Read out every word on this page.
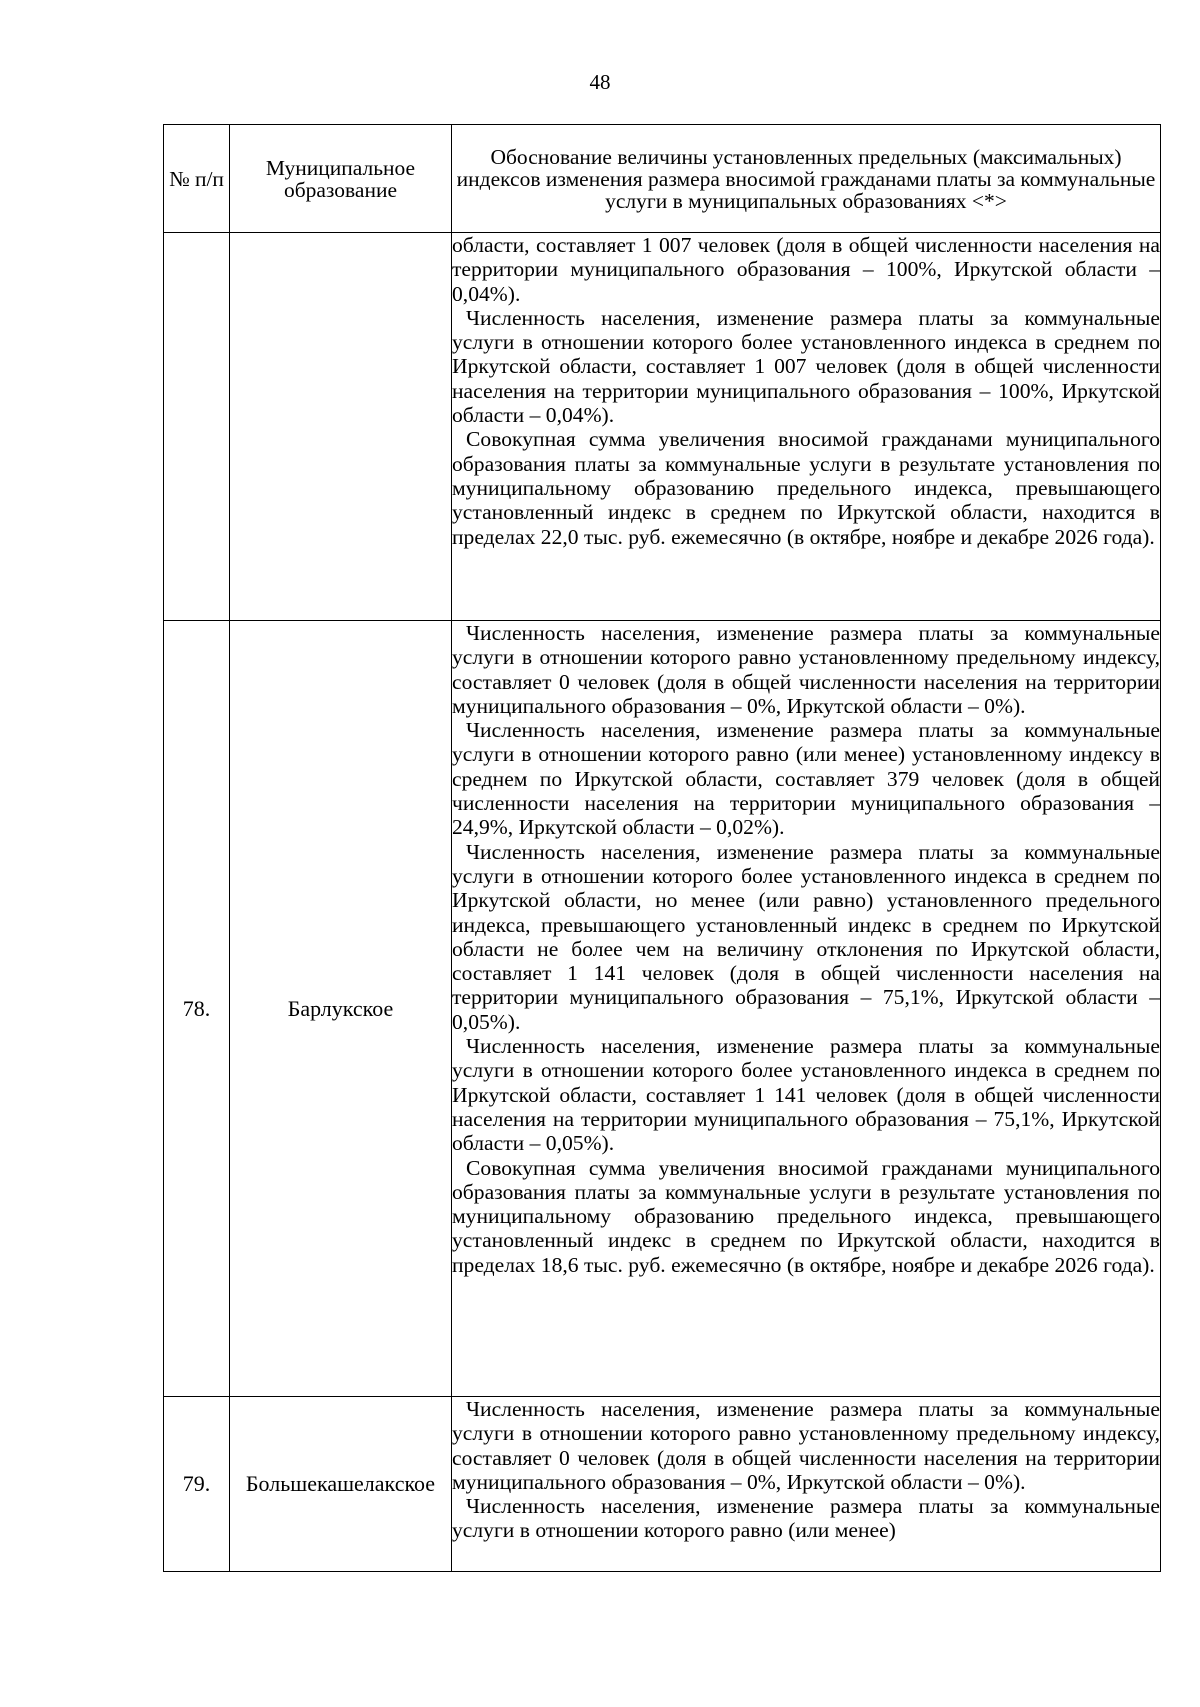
48
№ п/п	Муниципальное образование	Обоснование величины установленных предельных (максимальных) индексов изменения размера вносимой гражданами платы за коммунальные услуги в муниципальных образованиях <*>

		области, составляет 1 007 человек (доля в общей численности населения на территории муниципального образования – 100%, Иркутской области – 0,04%).

Численность населения, изменение размера платы за коммунальные услуги в отношении которого более установленного индекса в среднем по Иркутской области, составляет 1 007 человек (доля в общей численности населения на территории муниципального образования – 100%, Иркутской области – 0,04%).

Совокупная сумма увеличения вносимой гражданами муниципального образования платы за коммунальные услуги в результате установления по муниципальному образованию предельного индекса, превышающего установленный индекс в среднем по Иркутской области, находится в пределах 22,0 тыс. руб. ежемесячно (в октябре, ноябре и декабре 2026 года).

78.	Барлукское	Численность населения, изменение размера платы за коммунальные услуги в отношении которого равно установленному предельному индексу, составляет 0 человек (доля в общей численности населения на территории муниципального образования – 0%, Иркутской области – 0%).

Численность населения, изменение размера платы за коммунальные услуги в отношении которого равно (или менее) установленному индексу в среднем по Иркутской области, составляет 379 человек (доля в общей численности населения на территории муниципального образования – 24,9%, Иркутской области – 0,02%).

Численность населения, изменение размера платы за коммунальные услуги в отношении которого более установленного индекса в среднем по Иркутской области, но менее (или равно) установленного предельного индекса, превышающего установленный индекс в среднем по Иркутской области не более чем на величину отклонения по Иркутской области, составляет 1 141 человек (доля в общей численности населения на территории муниципального образования – 75,1%, Иркутской области – 0,05%).

Численность населения, изменение размера платы за коммунальные услуги в отношении которого более установленного индекса в среднем по Иркутской области, составляет 1 141 человек (доля в общей численности населения на территории муниципального образования – 75,1%, Иркутской области – 0,05%).

Совокупная сумма увеличения вносимой гражданами муниципального образования платы за коммунальные услуги в результате установления по муниципальному образованию предельного индекса, превышающего установленный индекс в среднем по Иркутской области, находится в пределах 18,6 тыс. руб. ежемесячно (в октябре, ноябре и декабре 2026 года).

79.	Большекашелакское	Численность населения, изменение размера платы за коммунальные услуги в отношении которого равно установленному предельному индексу, составляет 0 человек (доля в общей численности населения на территории муниципального образования – 0%, Иркутской области – 0%).

Численность населения, изменение размера платы за коммунальные услуги в отношении которого равно (или менее)
